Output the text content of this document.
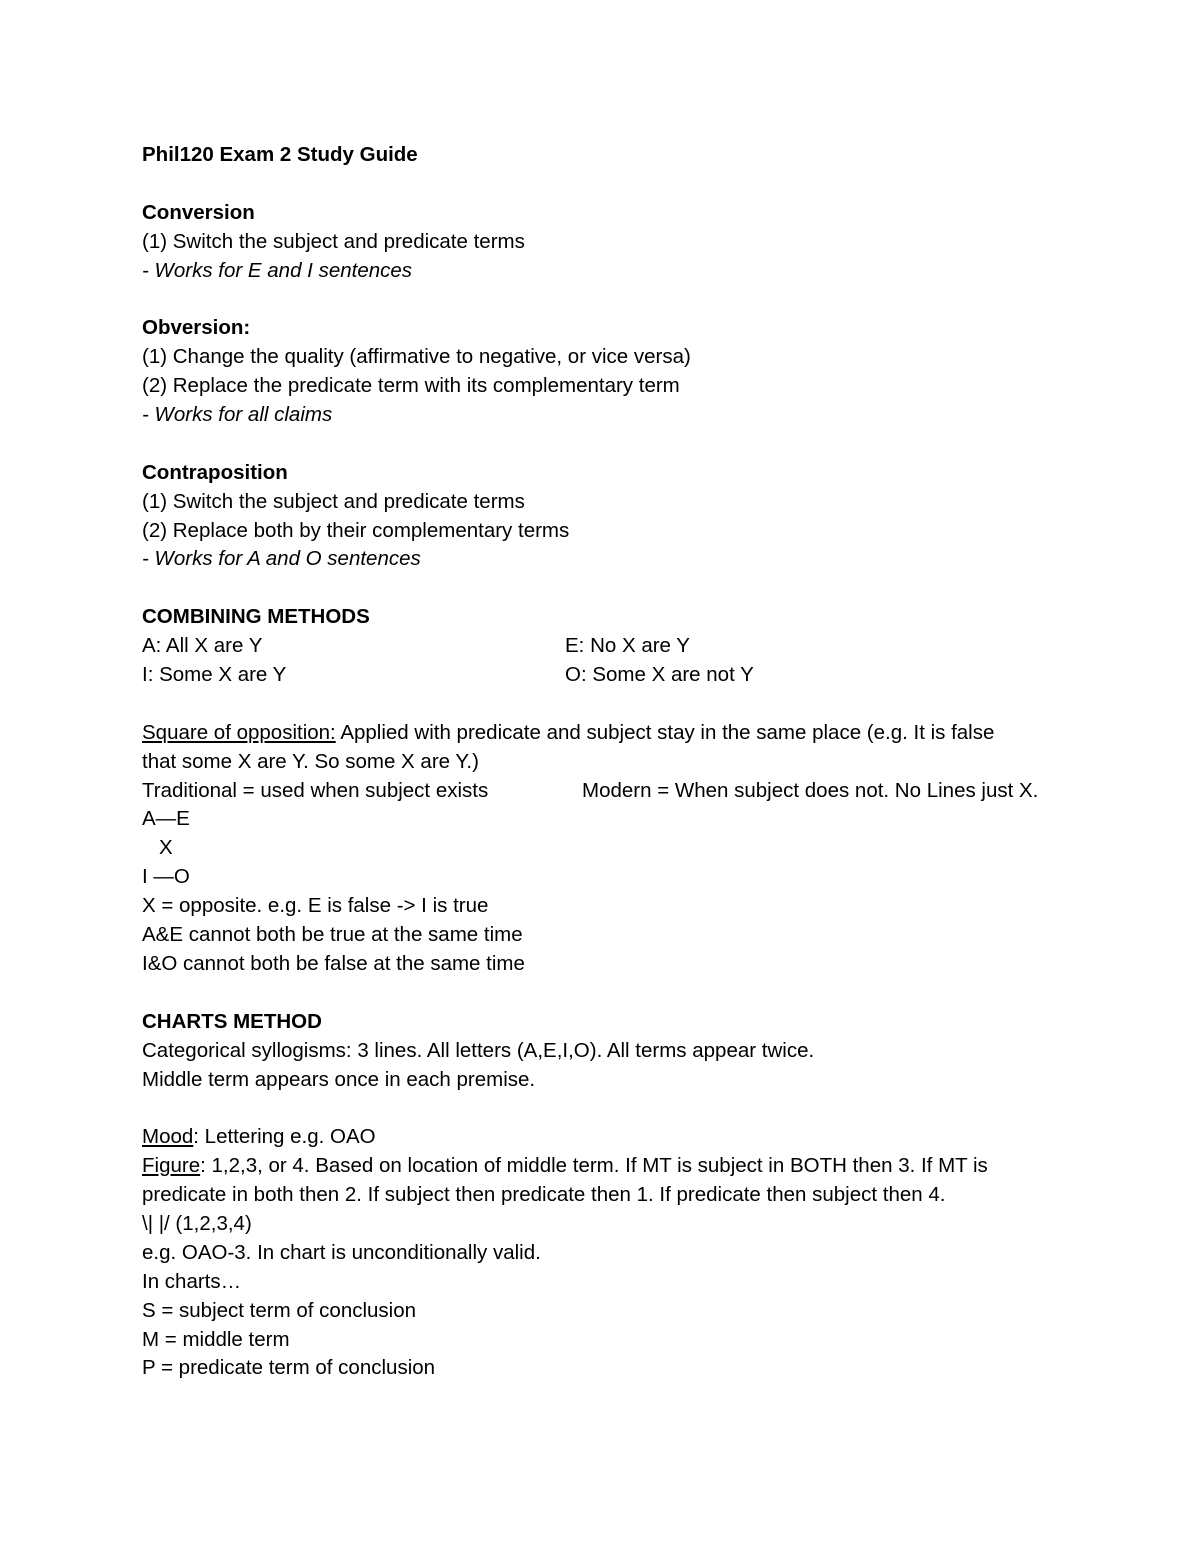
Phil120 Exam 2 Study Guide
Conversion
(1) Switch the subject and predicate terms
- Works for E and I sentences
Obversion:
(1) Change the quality (affirmative to negative, or vice versa)
(2) Replace the predicate term with its complementary term
- Works for all claims
Contraposition
(1) Switch the subject and predicate terms
(2) Replace both by their complementary terms
- Works for A and O sentences
COMBINING METHODS
A: All X are Y	E: No X are Y
I: Some X are Y	O: Some X are not Y
Square of opposition: Applied with predicate and subject stay in the same place (e.g. It is false
that some X are Y. So some X are Y.)
Traditional = used when subject exists	Modern = When subject does not. No Lines just X.
A—E
X
I —O
X = opposite. e.g. E is false -> I is true
A&E cannot both be true at the same time
I&O cannot both be false at the same time
CHARTS METHOD
Categorical syllogisms: 3 lines. All letters (A,E,I,O). All terms appear twice.
Middle term appears once in each premise.
Mood: Lettering e.g. OAO
Figure: 1,2,3, or 4. Based on location of middle term. If MT is subject in BOTH then 3. If MT is
predicate in both then 2. If subject then predicate then 1. If predicate then subject then 4.
\| |/ (1,2,3,4)
e.g. OAO-3. In chart is unconditionally valid.
In charts…
S = subject term of conclusion
M = middle term
P = predicate term of conclusion
